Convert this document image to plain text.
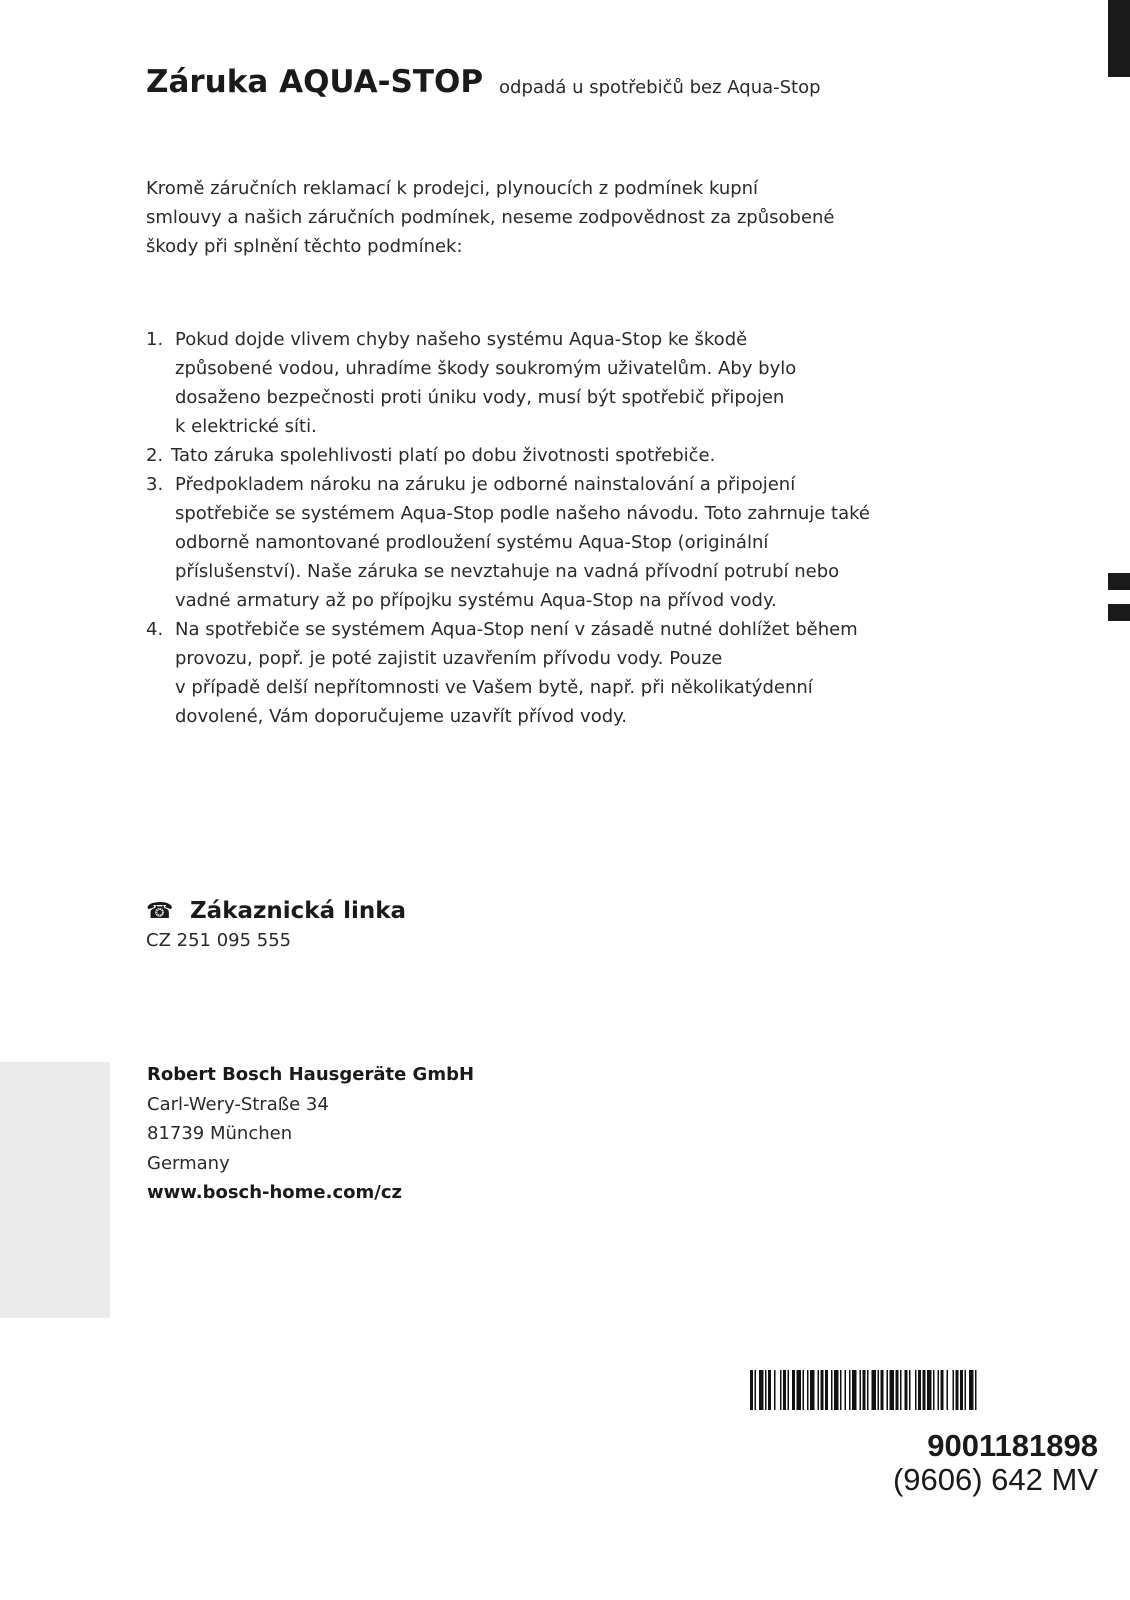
Záruka AQUA-STOP odpadá u spotřebičů bez Aqua-Stop

Kromě záručních reklamací k prodejci, plynoucích z podmínek kupní
smlouvy a našich záručních podmínek, neseme zodpovědnost za způsobené
škody při splnění těchto podmínek:

1. Pokud dojde vlivem chyby našeho systému Aqua-Stop ke škodě
způsobené vodou, uhradíme škody soukromým uživatelům. Aby bylo
dosaženo bezpečnosti proti úniku vody, musí být spotřebič připojen
k elektrické síti.
2. Tato záruka spolehlivosti platí po dobu životnosti spotřebiče.
3. Předpokladem nároku na záruku je odborné nainstalování a připojení
spotřebiče se systémem Aqua-Stop podle našeho návodu. Toto zahrnuje také
odborně namontované prodloužení systému Aqua-Stop (originální
příslušenství). Naše záruka se nevztahuje na vadná přívodní potrubí nebo
vadné armatury až po přípojku systému Aqua-Stop na přívod vody.
4. Na spotřebiče se systémem Aqua-Stop není v zásadě nutné dohlížet během
provozu, popř. je poté zajistit uzavřením přívodu vody. Pouze
v případě delší nepřítomnosti ve Vašem bytě, např. při několikatýdenní
dovolené, Vám doporučujeme uzavřít přívod vody.
☎ Zákaznická linka
CZ 251 095 555
Robert Bosch Hausgeräte GmbH
Carl-Wery-Straße 34
81739 München
Germany
www.bosch-home.com/cz
9001181898
(9606) 642 MV
